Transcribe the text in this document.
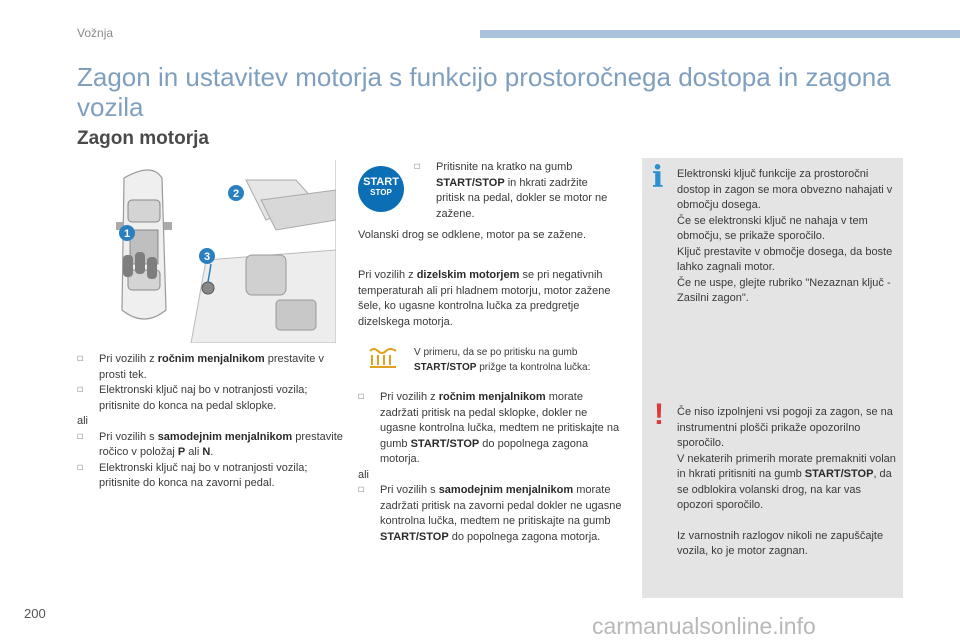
Vožnja
Zagon in ustavitev motorja s funkcijo prostoročnega dostopa in zagona vozila
Zagon motorja
1
2
3
☐ Pri vozilih z ročnim menjalnikom prestavite v prosti tek.
☐ Elektronski ključ naj bo v notranjosti vozila; pritisnite do konca na pedal sklopke.
ali
☐ Pri vozilih s samodejnim menjalnikom prestavite ročico v položaj P ali N.
☐ Elektronski ključ naj bo v notranjosti vozila; pritisnite do konca na zavorni pedal.
START
STOP
☐ Pritisnite na kratko na gumb START/STOP in hkrati zadržite pritisk na pedal, dokler se motor ne zažene.
Volanski drog se odklene, motor pa se zažene.
Pri vozilih z dizelskim motorjem se pri negativnih temperaturah ali pri hladnem motorju, motor zažene šele, ko ugasne kontrolna lučka za predgretje dizelskega motorja.
V primeru, da se po pritisku na gumb START/STOP prižge ta kontrolna lučka:
☐ Pri vozilih z ročnim menjalnikom morate zadržati pritisk na pedal sklopke, dokler ne ugasne kontrolna lučka, medtem ne pritiskajte na gumb START/STOP do popolnega zagona motorja.
ali
☐ Pri vozilih s samodejnim menjalnikom morate zadržati pritisk na zavorni pedal dokler ne ugasne kontrolna lučka, medtem ne pritiskajte na gumb START/STOP do popolnega zagona motorja.
i Elektronski ključ funkcije za prostoročni dostop in zagon se mora obvezno nahajati v območju dosega.
Če se elektronski ključ ne nahaja v tem območju, se prikaže sporočilo.
Ključ prestavite v območje dosega, da boste lahko zagnali motor.
Če ne uspe, glejte rubriko "Nezaznan ključ - Zasilni zagon".
! Če niso izpolnjeni vsi pogoji za zagon, se na instrumentni plošči prikaže opozorilno sporočilo.
V nekaterih primerih morate premakniti volan in hkrati pritisniti na gumb START/STOP, da se odblokira volanski drog, na kar vas opozori sporočilo.
Iz varnostnih razlogov nikoli ne zapuščajte vozila, ko je motor zagnan.
200	carmanualsonline.info
